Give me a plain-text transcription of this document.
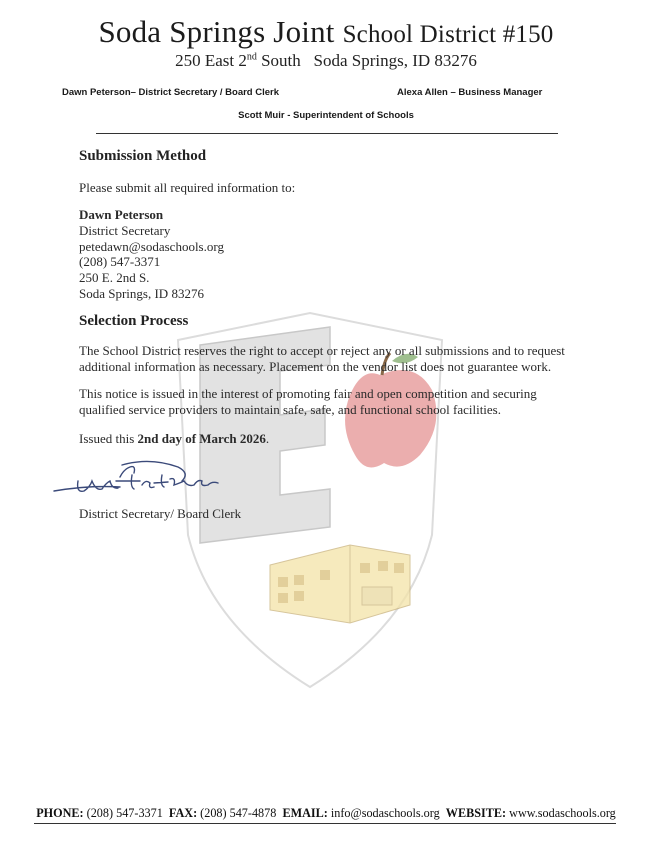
Soda Springs Joint School District #150
250 East 2nd South Soda Springs, ID 83276
Dawn Peterson– District Secretary / Board Clerk	Alexa Allen – Business Manager
Scott Muir - Superintendent of Schools
Submission Method
Please submit all required information to:
Dawn Peterson
District Secretary
petedawn@sodaschools.org
(208) 547-3371
250 E. 2nd S.
Soda Springs, ID 83276
Selection Process
The School District reserves the right to accept or reject any or all submissions and to request
additional information as necessary. Placement on the vendor list does not guarantee work.
This notice is issued in the interest of promoting fair and open competition and securing
qualified service providers to maintain safe, safe, and functional school facilities.
Issued this 2nd day of March 2026.
District Secretary/ Board Clerk
PHONE: (208) 547-3371 FAX: (208) 547-4878 EMAIL: info@sodaschools.org WEBSITE: www.sodaschools.org
